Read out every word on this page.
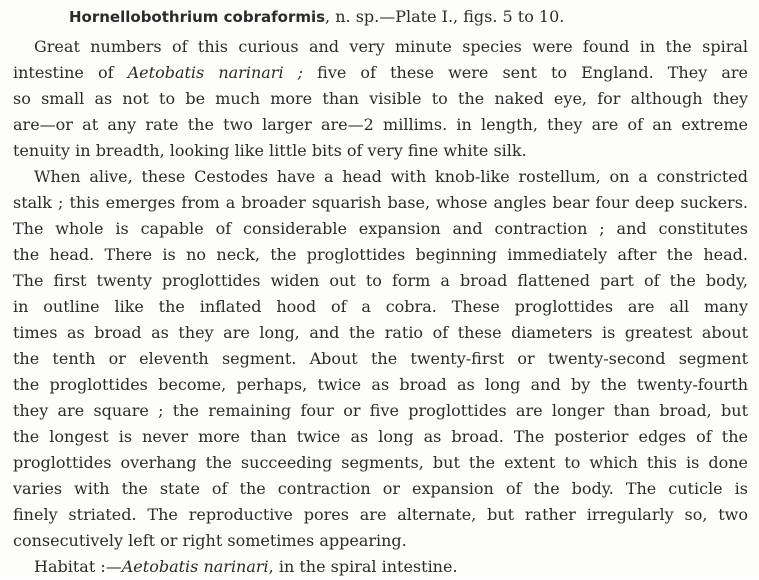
Hornellobothrium cobraformis, n. sp.—Plate I., figs. 5 to 10.
Great numbers of this curious and very minute species were found in the spiral
intestine of Aetobatis narinari ; five of these were sent to England. They are
so small as not to be much more than visible to the naked eye, for although they
are—or at any rate the two larger are—2 millims. in length, they are of an extreme
tenuity in breadth, looking like little bits of very fine white silk.
When alive, these Cestodes have a head with knob-like rostellum, on a constricted
stalk ; this emerges from a broader squarish base, whose angles bear four deep suckers.
The whole is capable of considerable expansion and contraction ; and constitutes
the head. There is no neck, the proglottides beginning immediately after the head.
The first twenty proglottides widen out to form a broad flattened part of the body,
in outline like the inflated hood of a cobra. These proglottides are all many
times as broad as they are long, and the ratio of these diameters is greatest about
the tenth or eleventh segment. About the twenty-first or twenty-second segment
the proglottides become, perhaps, twice as broad as long and by the twenty-fourth
they are square ; the remaining four or five proglottides are longer than broad, but
the longest is never more than twice as long as broad. The posterior edges of the
proglottides overhang the succeeding segments, but the extent to which this is done
varies with the state of the contraction or expansion of the body. The cuticle is
finely striated. The reproductive pores are alternate, but rather irregularly so, two
consecutively left or right sometimes appearing.
Habitat :—Aetobatis narinari, in the spiral intestine.
